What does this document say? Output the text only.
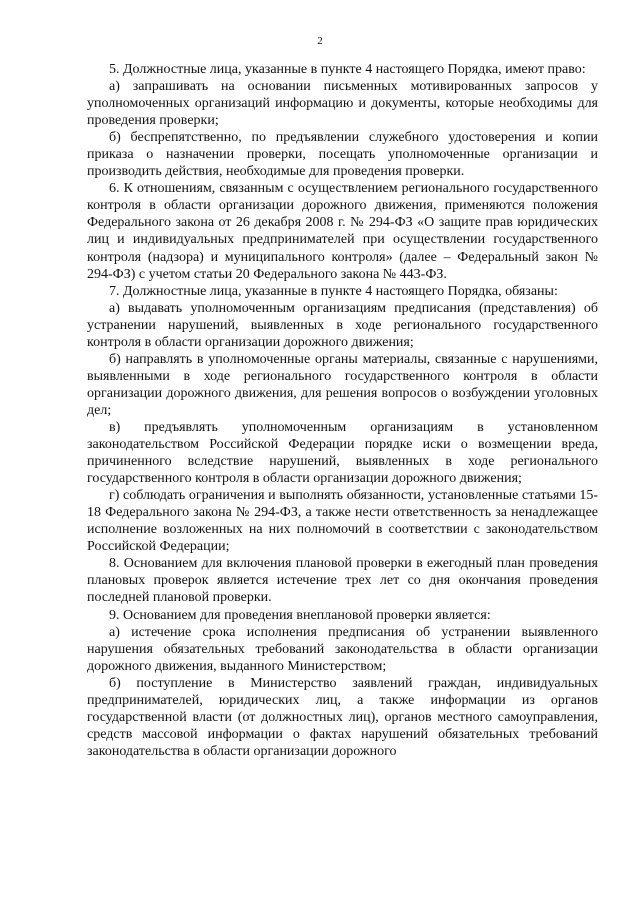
2

5. Должностные лица, указанные в пункте 4 настоящего Порядка, имеют право:

а) запрашивать на основании письменных мотивированных запросов у уполномоченных организаций информацию и документы, которые необходимы для проведения проверки;

б) беспрепятственно, по предъявлении служебного удостоверения и копии приказа о назначении проверки, посещать уполномоченные организации и производить действия, необходимые для проведения проверки.

6. К отношениям, связанным с осуществлением регионального государственного контроля в области организации дорожного движения, применяются положения Федерального закона от 26 декабря 2008 г. № 294-ФЗ «О защите прав юридических лиц и индивидуальных предпринимателей при осуществлении государственного контроля (надзора) и муниципального контроля» (далее – Федеральный закон № 294-ФЗ) с учетом статьи 20 Федерального закона № 443-ФЗ.

7. Должностные лица, указанные в пункте 4 настоящего Порядка, обязаны:

а) выдавать уполномоченным организациям предписания (представления) об устранении нарушений, выявленных в ходе регионального государственного контроля в области организации дорожного движения;

б) направлять в уполномоченные органы материалы, связанные с нарушениями, выявленными в ходе регионального государственного контроля в области организации дорожного движения, для решения вопросов о возбуждении уголовных дел;

в) предъявлять уполномоченным организациям в установленном законодательством Российской Федерации порядке иски о возмещении вреда, причиненного вследствие нарушений, выявленных в ходе регионального государственного контроля в области организации дорожного движения;

г) соблюдать ограничения и выполнять обязанности, установленные статьями 15-18 Федерального закона № 294-ФЗ, а также нести ответственность за ненадлежащее исполнение возложенных на них полномочий в соответствии с законодательством Российской Федерации;

8. Основанием для включения плановой проверки в ежегодный план проведения плановых проверок является истечение трех лет со дня окончания проведения последней плановой проверки.

9. Основанием для проведения внеплановой проверки является:

а) истечение срока исполнения предписания об устранении выявленного нарушения обязательных требований законодательства в области организации дорожного движения, выданного Министерством;

б) поступление в Министерство заявлений граждан, индивидуальных предпринимателей, юридических лиц, а также информации из органов государственной власти (от должностных лиц), органов местного самоуправления, средств массовой информации о фактах нарушений обязательных требований законодательства в области организации дорожного
